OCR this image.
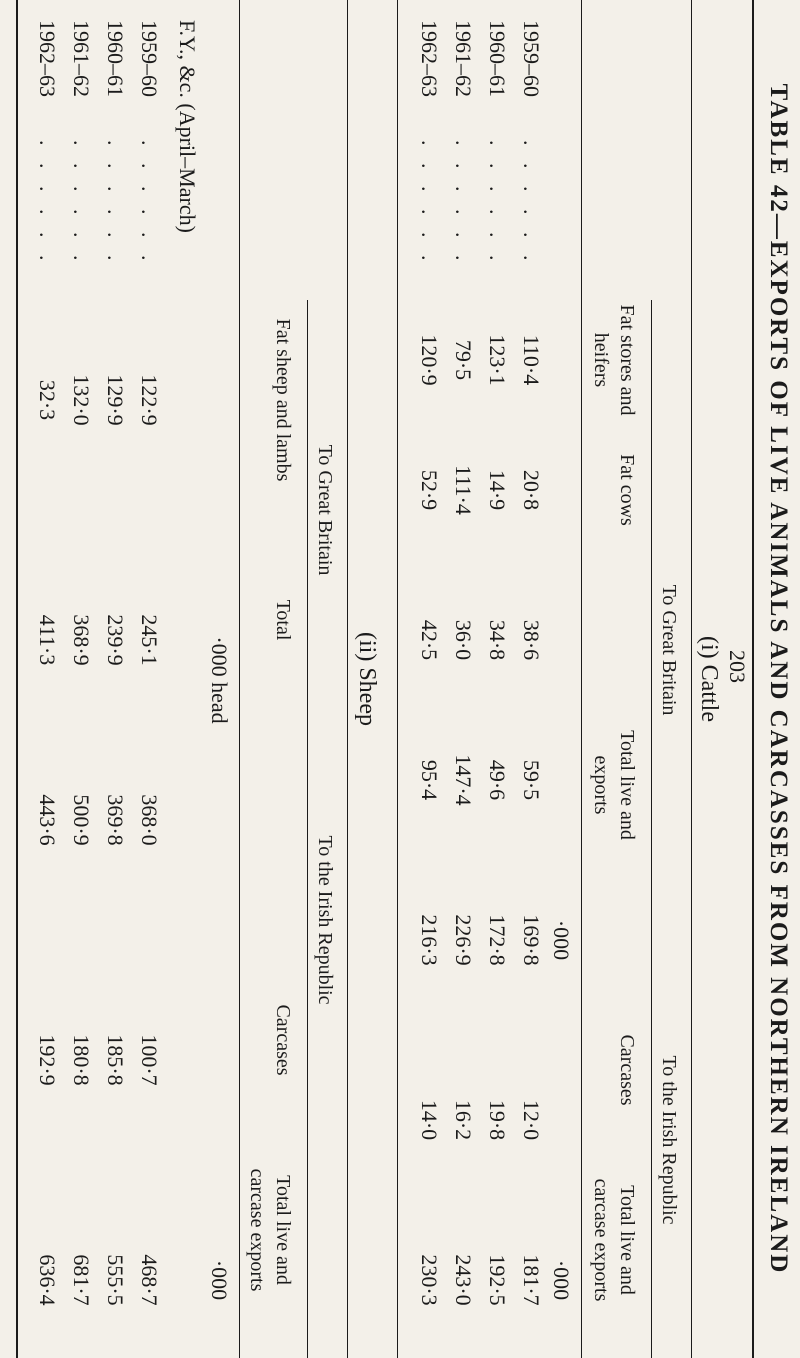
TABLE 42—EXPORTS OF LIVE ANIMALS AND CARCASSES FROM NORTHERN IRELAND
203
(i) Cattle
To Great Britain
To the Irish Republic
Fat stores and
heifers
Fat cows
Total live and
exports
Carcases
Total live and
carcase exports
·000
·000
1959–60
. . . . . .
110·4
20·8
38·6
59·5
169·8
12·0
181·7
1960–61
. . . . . .
123·1
14·9
34·8
49·6
172·8
19·8
192·5
1961–62
. . . . . .
79·5
111·4
36·0
147·4
226·9
16·2
243·0
1962–63
. . . . . .
120·9
52·9
42·5
95·4
216·3
14·0
230·3
(ii) Sheep
To Great Britain
To the Irish Republic
Fat sheep and lambs
Total
Carcases
Total live and
carcase exports
F.Y., &c. (April–March)
·000 head
·000
1959–60
. . . . . .
122·9
245·1
368·0
100·7
468·7
1960–61
. . . . . .
129·9
239·9
369·8
185·8
555·5
1961–62
. . . . . .
132·0
368·9
500·9
180·8
681·7
1962–63
. . . . . .
32·3
411·3
443·6
192·9
636·4
